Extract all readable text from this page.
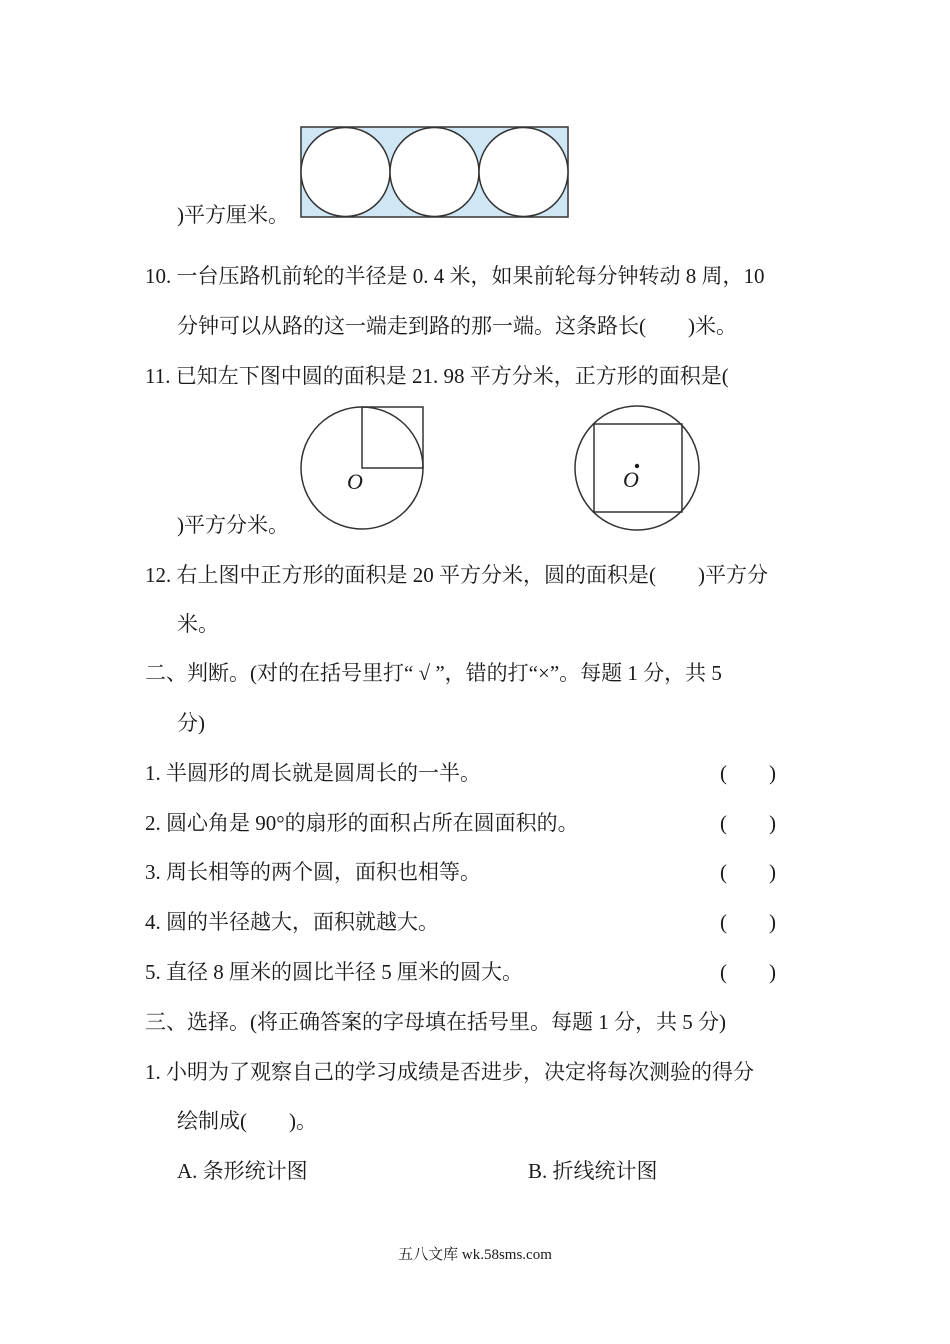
)平方厘米。
10. 一台压路机前轮的半径是 0. 4 米，如果前轮每分钟转动 8 周，10
分钟可以从路的这一端走到路的那一端。这条路长(　　)米。
11. 已知左下图中圆的面积是 21. 98 平方分米，正方形的面积是(
O	O
)平方分米。
12. 右上图中正方形的面积是 20 平方分米，圆的面积是(　　)平方分
米。
二、判断。(对的在括号里打“ √ ”，错的打“×”。每题 1 分，共 5
分)
1. 半圆形的周长就是圆周长的一半。	(　　)
2. 圆心角是 90°的扇形的面积占所在圆面积的。	(　　)
3. 周长相等的两个圆，面积也相等。	(　　)
4. 圆的半径越大，面积就越大。	(　　)
5. 直径 8 厘米的圆比半径 5 厘米的圆大。	(　　)
三、选择。(将正确答案的字母填在括号里。每题 1 分，共 5 分)
1. 小明为了观察自己的学习成绩是否进步，决定将每次测验的得分
绘制成(　　)。
A. 条形统计图	B. 折线统计图
五八文库 wk.58sms.com
